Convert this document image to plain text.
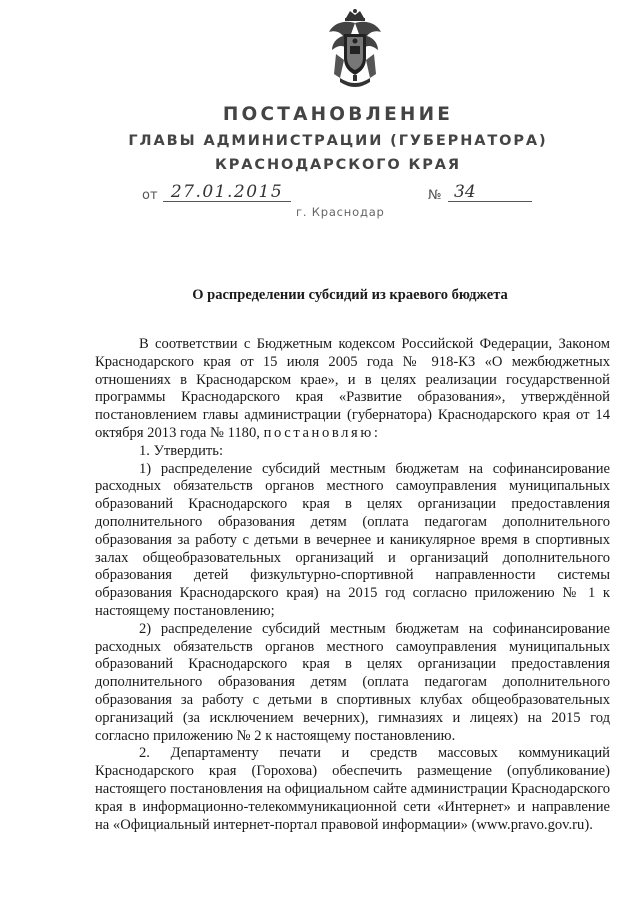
ПОСТАНОВЛЕНИЕ
ГЛАВЫ АДМИНИСТРАЦИИ (ГУБЕРНАТОРА)
КРАСНОДАРСКОГО КРАЯ
от 27.01.2015	№ 34
г. Краснодар
О распределении субсидий из краевого бюджета

В соответствии с Бюджетным кодексом Российской Федерации, Законом Краснодарского края от 15 июля 2005 года № 918-КЗ «О межбюджетных отношениях в Краснодарском крае», и в целях реализации государственной программы Краснодарского края «Развитие образования», утверждённой постановлением главы администрации (губернатора) Краснодарского края от 14 октября 2013 года № 1180, постановляю:

1. Утвердить:

1) распределение субсидий местным бюджетам на софинансирование расходных обязательств органов местного самоуправления муниципальных образований Краснодарского края в целях организации предоставления дополнительного образования детям (оплата педагогам дополнительного образования за работу с детьми в вечернее и каникулярное время в спортивных залах общеобразовательных организаций и организаций дополнительного образования детей физкультурно-спортивной направленности системы образования Краснодарского края) на 2015 год согласно приложению № 1 к настоящему постановлению;

2) распределение субсидий местным бюджетам на софинансирование расходных обязательств органов местного самоуправления муниципальных образований Краснодарского края в целях организации предоставления дополнительного образования детям (оплата педагогам дополнительного образования за работу с детьми в спортивных клубах общеобразовательных организаций (за исключением вечерних), гимназиях и лицеях) на 2015 год согласно приложению № 2 к настоящему постановлению.

2. Департаменту печати и средств массовых коммуникаций Краснодарского края (Горохова) обеспечить размещение (опубликование) настоящего постановления на официальном сайте администрации Краснодарского края в информационно-телекоммуникационной сети «Интернет» и направление на «Официальный интернет-портал правовой информации» (www.pravo.gov.ru).
